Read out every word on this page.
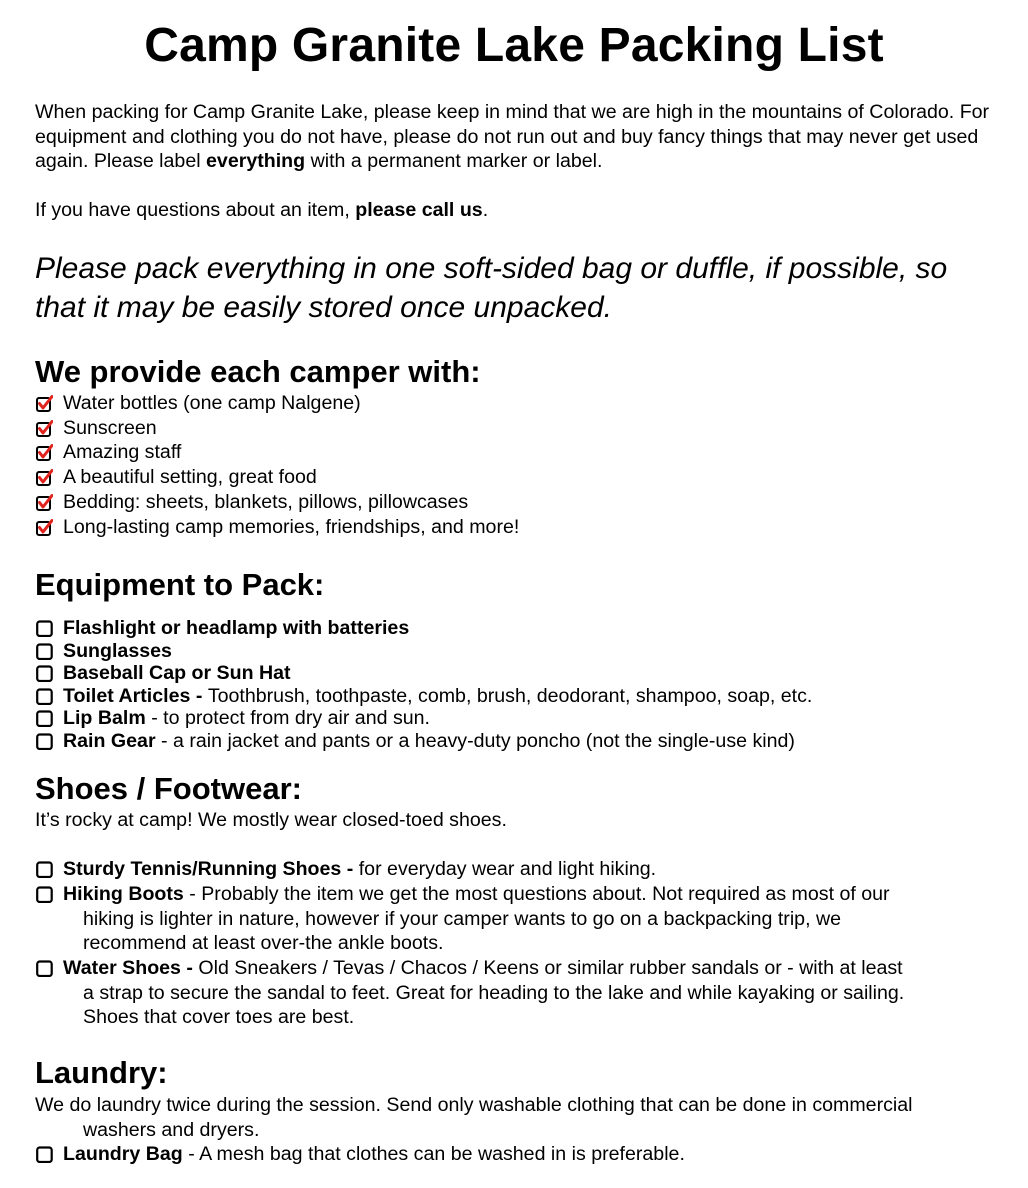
Camp Granite Lake Packing List
When packing for Camp Granite Lake, please keep in mind that we are high in the mountains of Colorado. For equipment and clothing you do not have, please do not run out and buy fancy things that may never get used again. Please label everything with a permanent marker or label.
If you have questions about an item, please call us.
Please pack everything in one soft-sided bag or duffle, if possible, so that it may be easily stored once unpacked.
We provide each camper with:
Water bottles (one camp Nalgene)
Sunscreen
Amazing staff
A beautiful setting, great food
Bedding: sheets, blankets, pillows, pillowcases
Long-lasting camp memories, friendships, and more!
Equipment to Pack:
Flashlight or headlamp with batteries
Sunglasses
Baseball Cap or Sun Hat
Toilet Articles - Toothbrush, toothpaste, comb, brush, deodorant, shampoo, soap, etc.
Lip Balm - to protect from dry air and sun.
Rain Gear - a rain jacket and pants or a heavy-duty poncho (not the single-use kind)
Shoes / Footwear:
It’s rocky at camp! We mostly wear closed-toed shoes.
Sturdy Tennis/Running Shoes - for everyday wear and light hiking.
Hiking Boots - Probably the item we get the most questions about. Not required as most of our
hiking is lighter in nature, however if your camper wants to go on a backpacking trip, we
recommend at least over-the ankle boots.
Water Shoes - Old Sneakers / Tevas / Chacos / Keens or similar rubber sandals or - with at least
a strap to secure the sandal to feet. Great for heading to the lake and while kayaking or sailing.
Shoes that cover toes are best.
Laundry:
We do laundry twice during the session. Send only washable clothing that can be done in commercial
washers and dryers.
Laundry Bag - A mesh bag that clothes can be washed in is preferable.
